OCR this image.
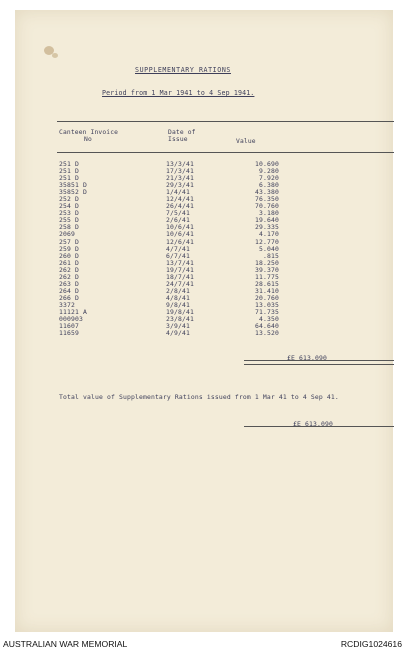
SUPPLEMENTARY RATIONS
Period from 1 Mar 1941 to 4 Sep 1941.
Canteen Invoice
No
Date of
Issue	Value
251 D	13/3/41	10.690
251 D	17/3/41	9.280
251 D	21/3/41	7.920
35851 D	29/3/41	6.380
35852 D	1/4/41	43.380
252 D	12/4/41	76.350
254 D	26/4/41	70.760
253 D	7/5/41	3.180
255 D	2/6/41	19.640
258 D	10/6/41	29.335
2069	10/6/41	4.170
257 D	12/6/41	12.770
259 D	4/7/41	5.040
260 D	6/7/41	.815
261 D	13/7/41	18.250
262 D	19/7/41	39.370
262 D	18/7/41	11.775
263 D	24/7/41	28.615
264 D	2/8/41	31.410
266 D	4/8/41	20.760
3372	9/8/41	13.035
11121 A	19/8/41	71.735
000903	23/8/41	4.350
11607	3/9/41	64.640
11659	4/9/41	13.520
£E 613.090
Total value of Supplementary Rations issued from 1 Mar 41 to 4 Sep 41.
£E 613.090
AUSTRALIAN WAR MEMORIAL	RCDIG1024616
